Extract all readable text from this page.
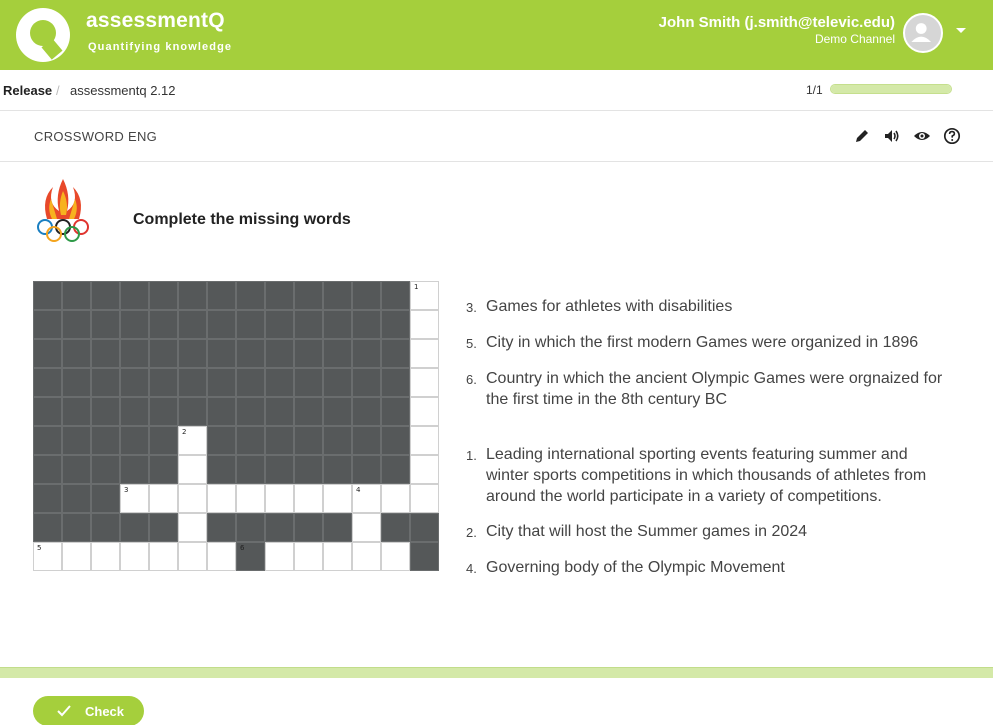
assessmentQ
Quantifying knowledge
John Smith (j.smith@televic.edu)
Demo Channel
Release / assessmentq 2.12	1/1
CROSSWORD ENG
Complete the missing words
1
2
3	4
5	6
3. Games for athletes with disabilities
5. City in which the first modern Games were organized in 1896
6. Country in which the ancient Olympic Games were orgnaized for the first time in the 8th century BC
1. Leading international sporting events featuring summer and winter sports competitions in which thousands of athletes from around the world participate in a variety of competitions.
2. City that will host the Summer games in 2024
4. Governing body of the Olympic Movement
Check
